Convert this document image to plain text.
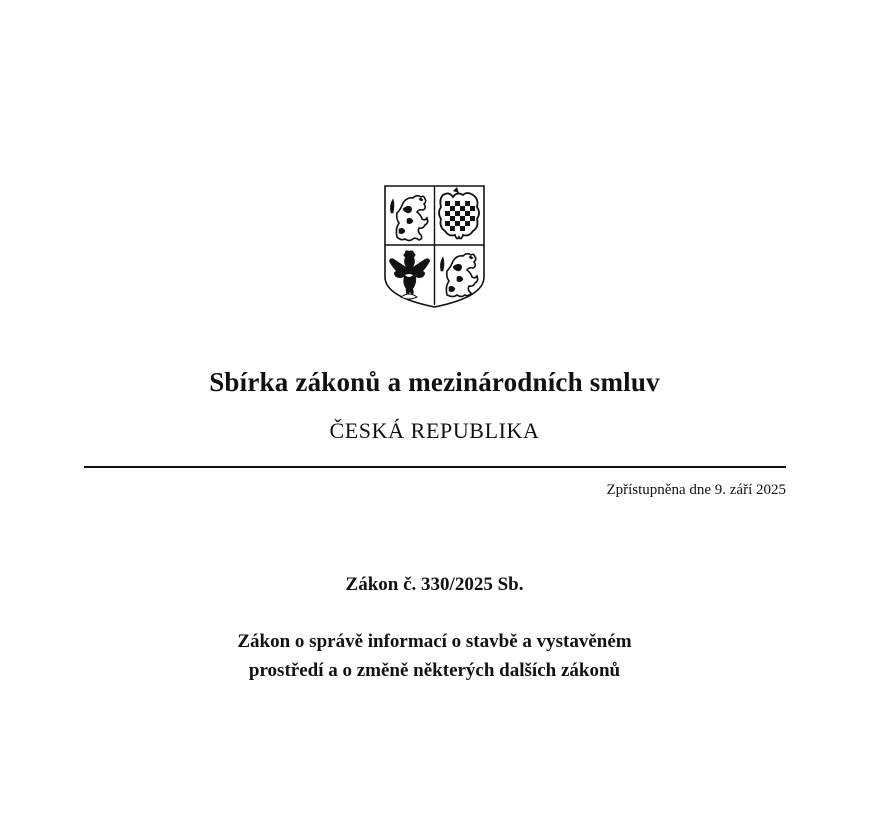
Sbírka zákonů a mezinárodních smluv
ČESKÁ REPUBLIKA
Zpřístupněna dne 9. září 2025
Zákon č. 330/2025 Sb.
Zákon o správě informací o stavbě a vystavěném
prostředí a o změně některých dalších zákonů
